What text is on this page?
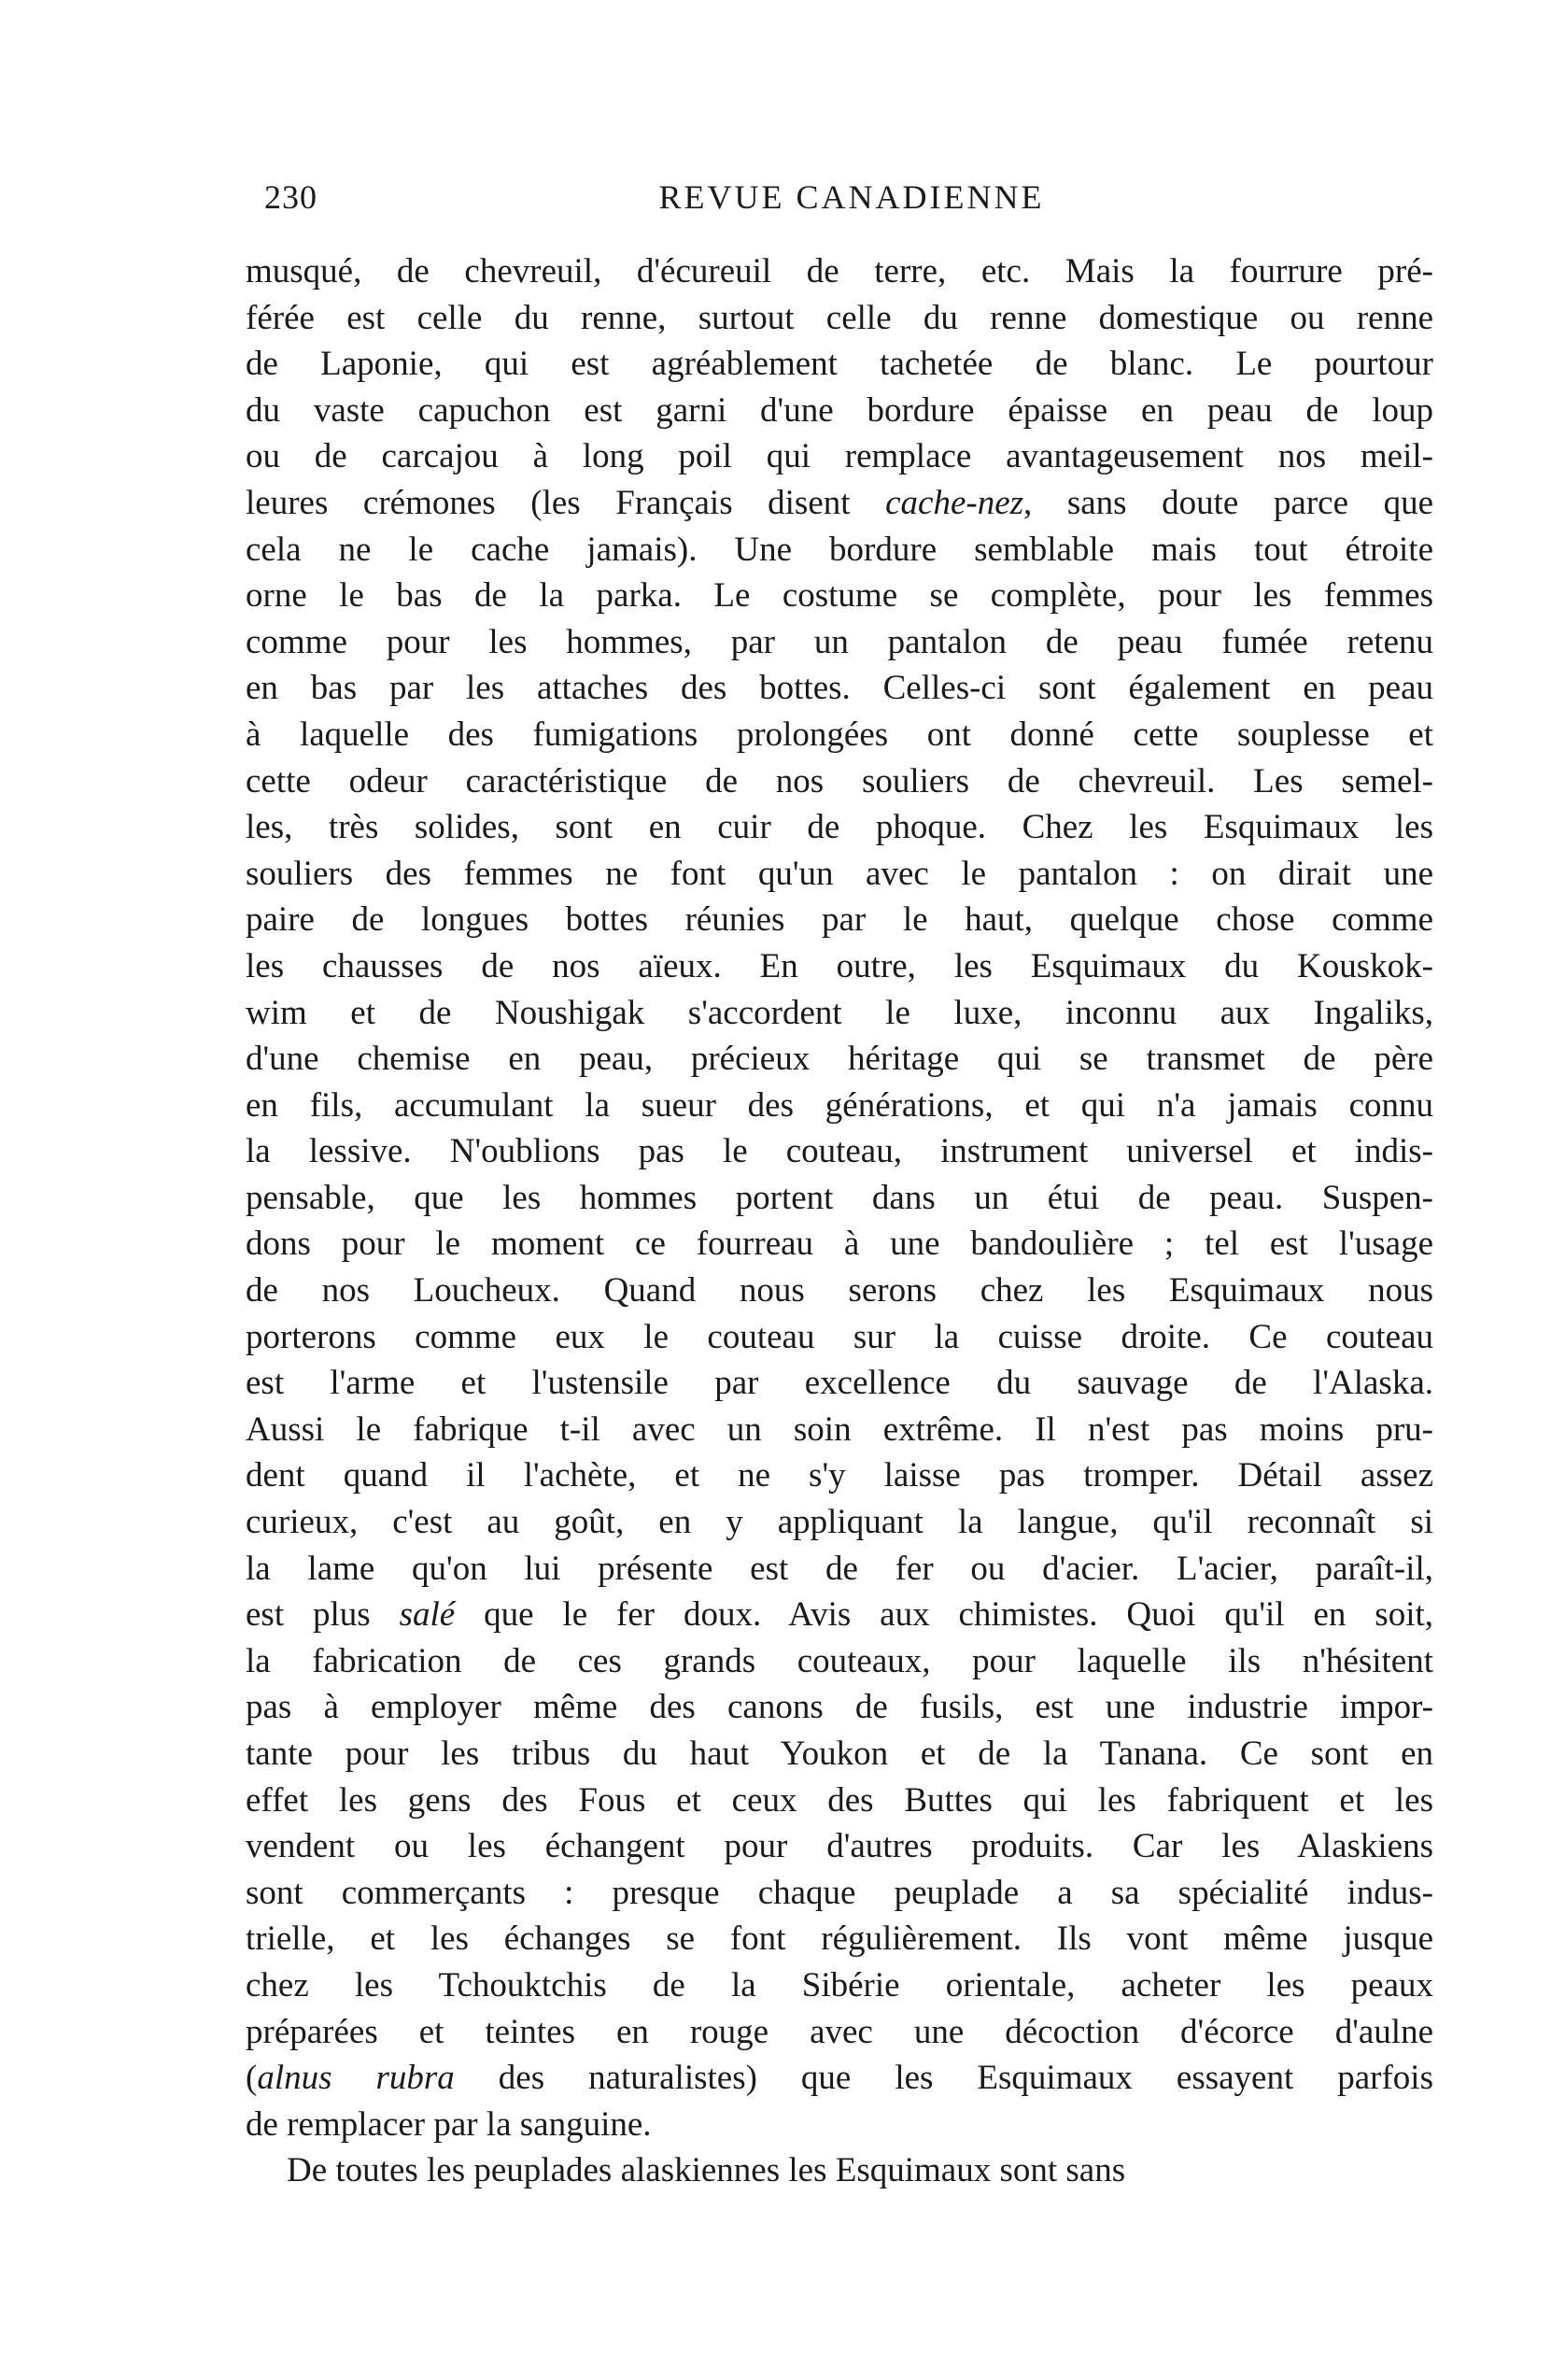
230	REVUE CANADIENNE
musqué, de chevreuil, d'écureuil de terre, etc. Mais la fourrure pré-
férée est celle du renne, surtout celle du renne domestique ou renne
de Laponie, qui est agréablement tachetée de blanc. Le pourtour
du vaste capuchon est garni d'une bordure épaisse en peau de loup
ou de carcajou à long poil qui remplace avantageusement nos meil-
leures crémones (les Français disent cache-nez, sans doute parce que
cela ne le cache jamais). Une bordure semblable mais tout étroite
orne le bas de la parka. Le costume se complète, pour les femmes
comme pour les hommes, par un pantalon de peau fumée retenu
en bas par les attaches des bottes. Celles-ci sont également en peau
à laquelle des fumigations prolongées ont donné cette souplesse et
cette odeur caractéristique de nos souliers de chevreuil. Les semel-
les, très solides, sont en cuir de phoque. Chez les Esquimaux les
souliers des femmes ne font qu'un avec le pantalon : on dirait une
paire de longues bottes réunies par le haut, quelque chose comme
les chausses de nos aïeux. En outre, les Esquimaux du Kouskok-
wim et de Noushigak s'accordent le luxe, inconnu aux Ingaliks,
d'une chemise en peau, précieux héritage qui se transmet de père
en fils, accumulant la sueur des générations, et qui n'a jamais connu
la lessive. N'oublions pas le couteau, instrument universel et indis-
pensable, que les hommes portent dans un étui de peau. Suspen-
dons pour le moment ce fourreau à une bandoulière ; tel est l'usage
de nos Loucheux. Quand nous serons chez les Esquimaux nous
porterons comme eux le couteau sur la cuisse droite. Ce couteau
est l'arme et l'ustensile par excellence du sauvage de l'Alaska.
Aussi le fabrique t-il avec un soin extrême. Il n'est pas moins pru-
dent quand il l'achète, et ne s'y laisse pas tromper. Détail assez
curieux, c'est au goût, en y appliquant la langue, qu'il reconnaît si
la lame qu'on lui présente est de fer ou d'acier. L'acier, paraît-il,
est plus salé que le fer doux. Avis aux chimistes. Quoi qu'il en soit,
la fabrication de ces grands couteaux, pour laquelle ils n'hésitent
pas à employer même des canons de fusils, est une industrie impor-
tante pour les tribus du haut Youkon et de la Tanana. Ce sont en
effet les gens des Fous et ceux des Buttes qui les fabriquent et les
vendent ou les échangent pour d'autres produits. Car les Alaskiens
sont commerçants : presque chaque peuplade a sa spécialité indus-
trielle, et les échanges se font régulièrement. Ils vont même jusque
chez les Tchouktchis de la Sibérie orientale, acheter les peaux
préparées et teintes en rouge avec une décoction d'écorce d'aulne
(alnus rubra des naturalistes) que les Esquimaux essayent parfois
de remplacer par la sanguine.
De toutes les peuplades alaskiennes les Esquimaux sont sans
